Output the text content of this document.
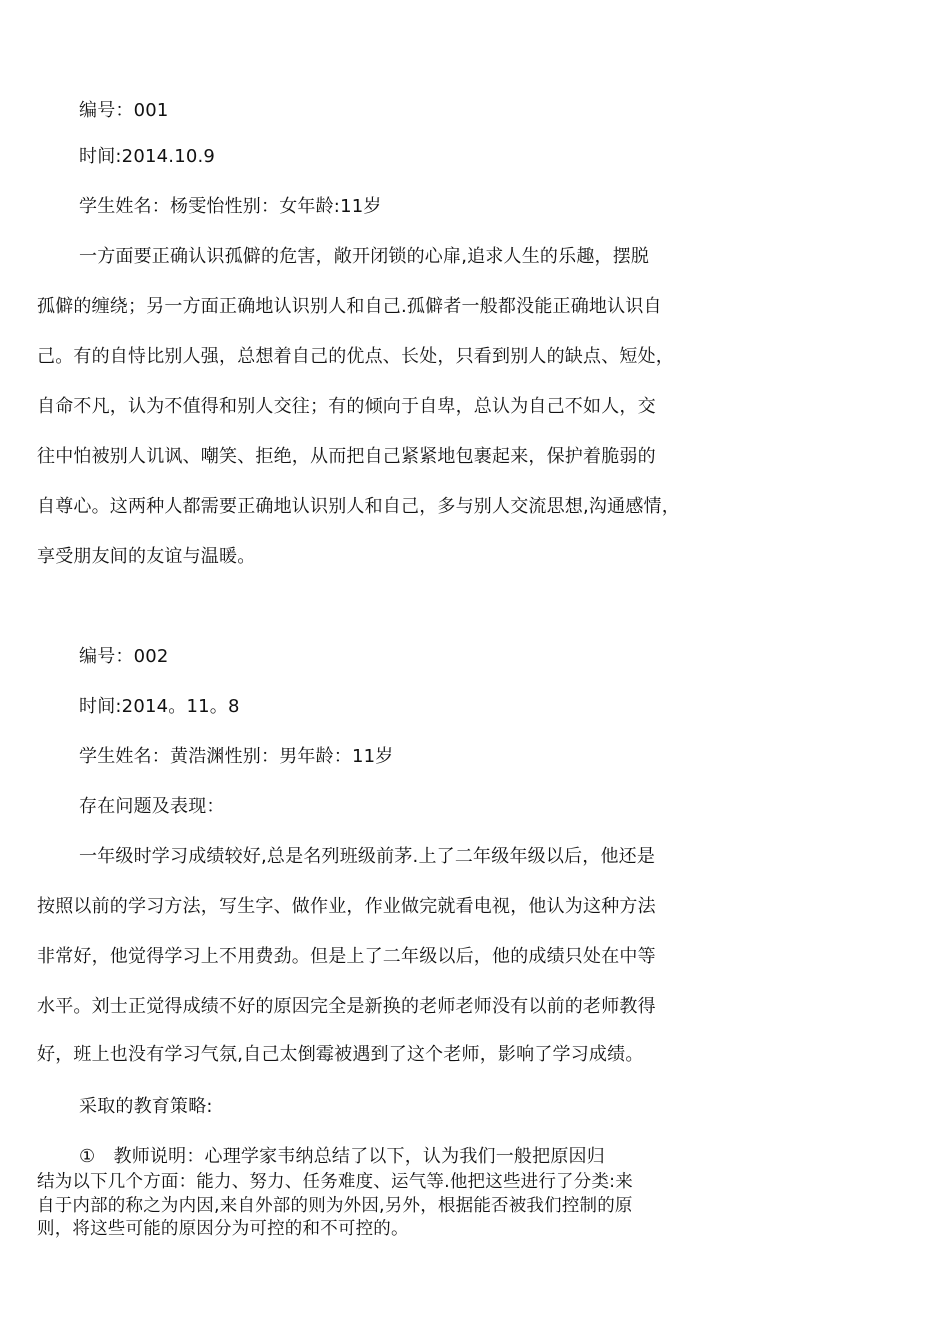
编号：001
时间:2014.10.9
学生姓名：杨雯怡性别：女年龄:11岁
一方面要正确认识孤僻的危害，敞开闭锁的心扉,追求人生的乐趣，摆脱
孤僻的缠绕；另一方面正确地认识别人和自己.孤僻者一般都没能正确地认识自
己。有的自恃比别人强，总想着自己的优点、长处，只看到别人的缺点、短处，
自命不凡，认为不值得和别人交往；有的倾向于自卑，总认为自己不如人，交
往中怕被别人讥讽、嘲笑、拒绝，从而把自己紧紧地包裹起来，保护着脆弱的
自尊心。这两种人都需要正确地认识别人和自己，多与别人交流思想,沟通感情，
享受朋友间的友谊与温暖。
编号：002
时间:2014。11。8
学生姓名：黄浩渊性别：男年龄：11岁
存在问题及表现：
一年级时学习成绩较好,总是名列班级前茅.上了二年级年级以后，他还是
按照以前的学习方法，写生字、做作业，作业做完就看电视，他认为这种方法
非常好，他觉得学习上不用费劲。但是上了二年级以后，他的成绩只处在中等
水平。刘士正觉得成绩不好的原因完全是新换的老师老师没有以前的老师教得
好，班上也没有学习气氛,自己太倒霉被遇到了这个老师，影响了学习成绩。
采取的教育策略:
①　教师说明：心理学家韦纳总结了以下，认为我们一般把原因归
结为以下几个方面：能力、努力、任务难度、运气等.他把这些进行了分类:来
自于内部的称之为内因,来自外部的则为外因,另外，根据能否被我们控制的原
则，将这些可能的原因分为可控的和不可控的。
